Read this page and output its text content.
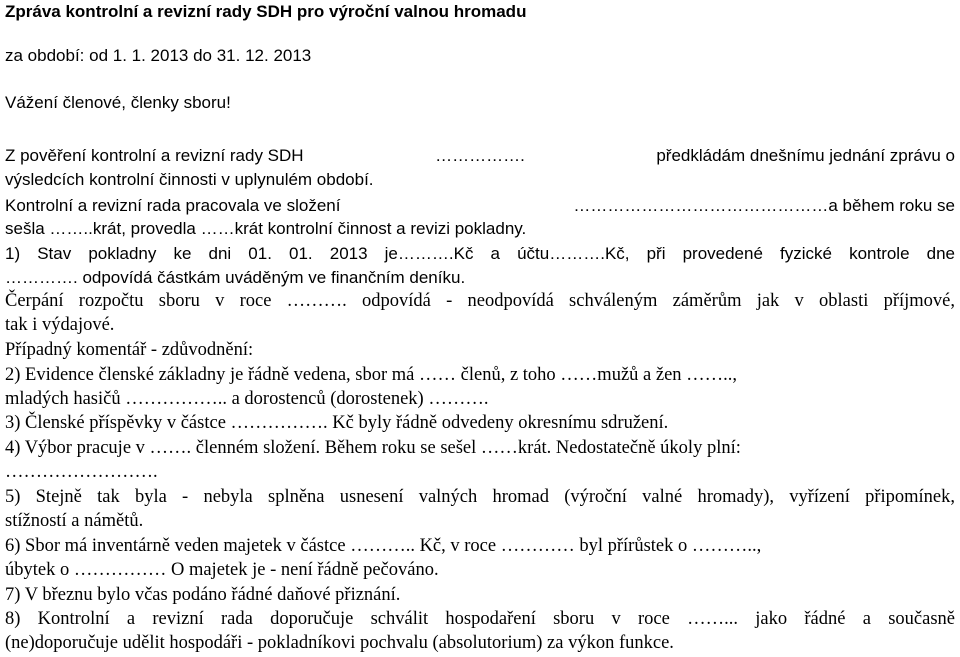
Zpráva kontrolní a revizní rady SDH pro výroční valnou hromadu
za období: od 1. 1. 2013 do 31. 12. 2013
Vážení členové, členky sboru!
Z pověření kontrolní a revizní rady SDH	…………….	předkládám dnešnímu jednání zprávu o
výsledcích kontrolní činnosti v uplynulém období.
Kontrolní a revizní rada pracovala ve složení	………………………………………a během roku se
sešla ……..krát, provedla ……krát kontrolní činnost a revizi pokladny.
1) Stav pokladny ke dni 01. 01. 2013 je……….Kč a účtu……….Kč, při provedené fyzické kontrole dne
…………. odpovídá částkám uváděným ve finančním deníku.
Čerpání rozpočtu sboru v roce ………. odpovídá - neodpovídá schváleným záměrům jak v oblasti příjmové,
tak i výdajové.
Případný komentář - zdůvodnění:
2) Evidence členské základny je řádně vedena, sbor má …… členů, z toho ……mužů a žen ……..,
mladých hasičů …………….. a dorostenců (dorostenek) ……….
3) Členské příspěvky v částce ……………. Kč byly řádně odvedeny okresnímu sdružení.
4) Výbor pracuje v ……. členném složení. Během roku se sešel ……krát. Nedostatečně úkoly plní:
…………………….
5) Stejně tak byla - nebyla splněna usnesení valných hromad (výroční valné hromady), vyřízení připomínek,
stížností a námětů.
6) Sbor má inventárně veden majetek v částce ……….. Kč, v roce ………… byl přírůstek o ………..,
úbytek o …………… O majetek je - není řádně pečováno.
7) V březnu bylo včas podáno řádné daňové přiznání.
8) Kontrolní a revizní rada doporučuje schválit hospodaření sboru v roce ……... jako řádné a současně
(ne)doporučuje udělit hospodáři - pokladníkovi pochvalu (absolutorium) za výkon funkce.
